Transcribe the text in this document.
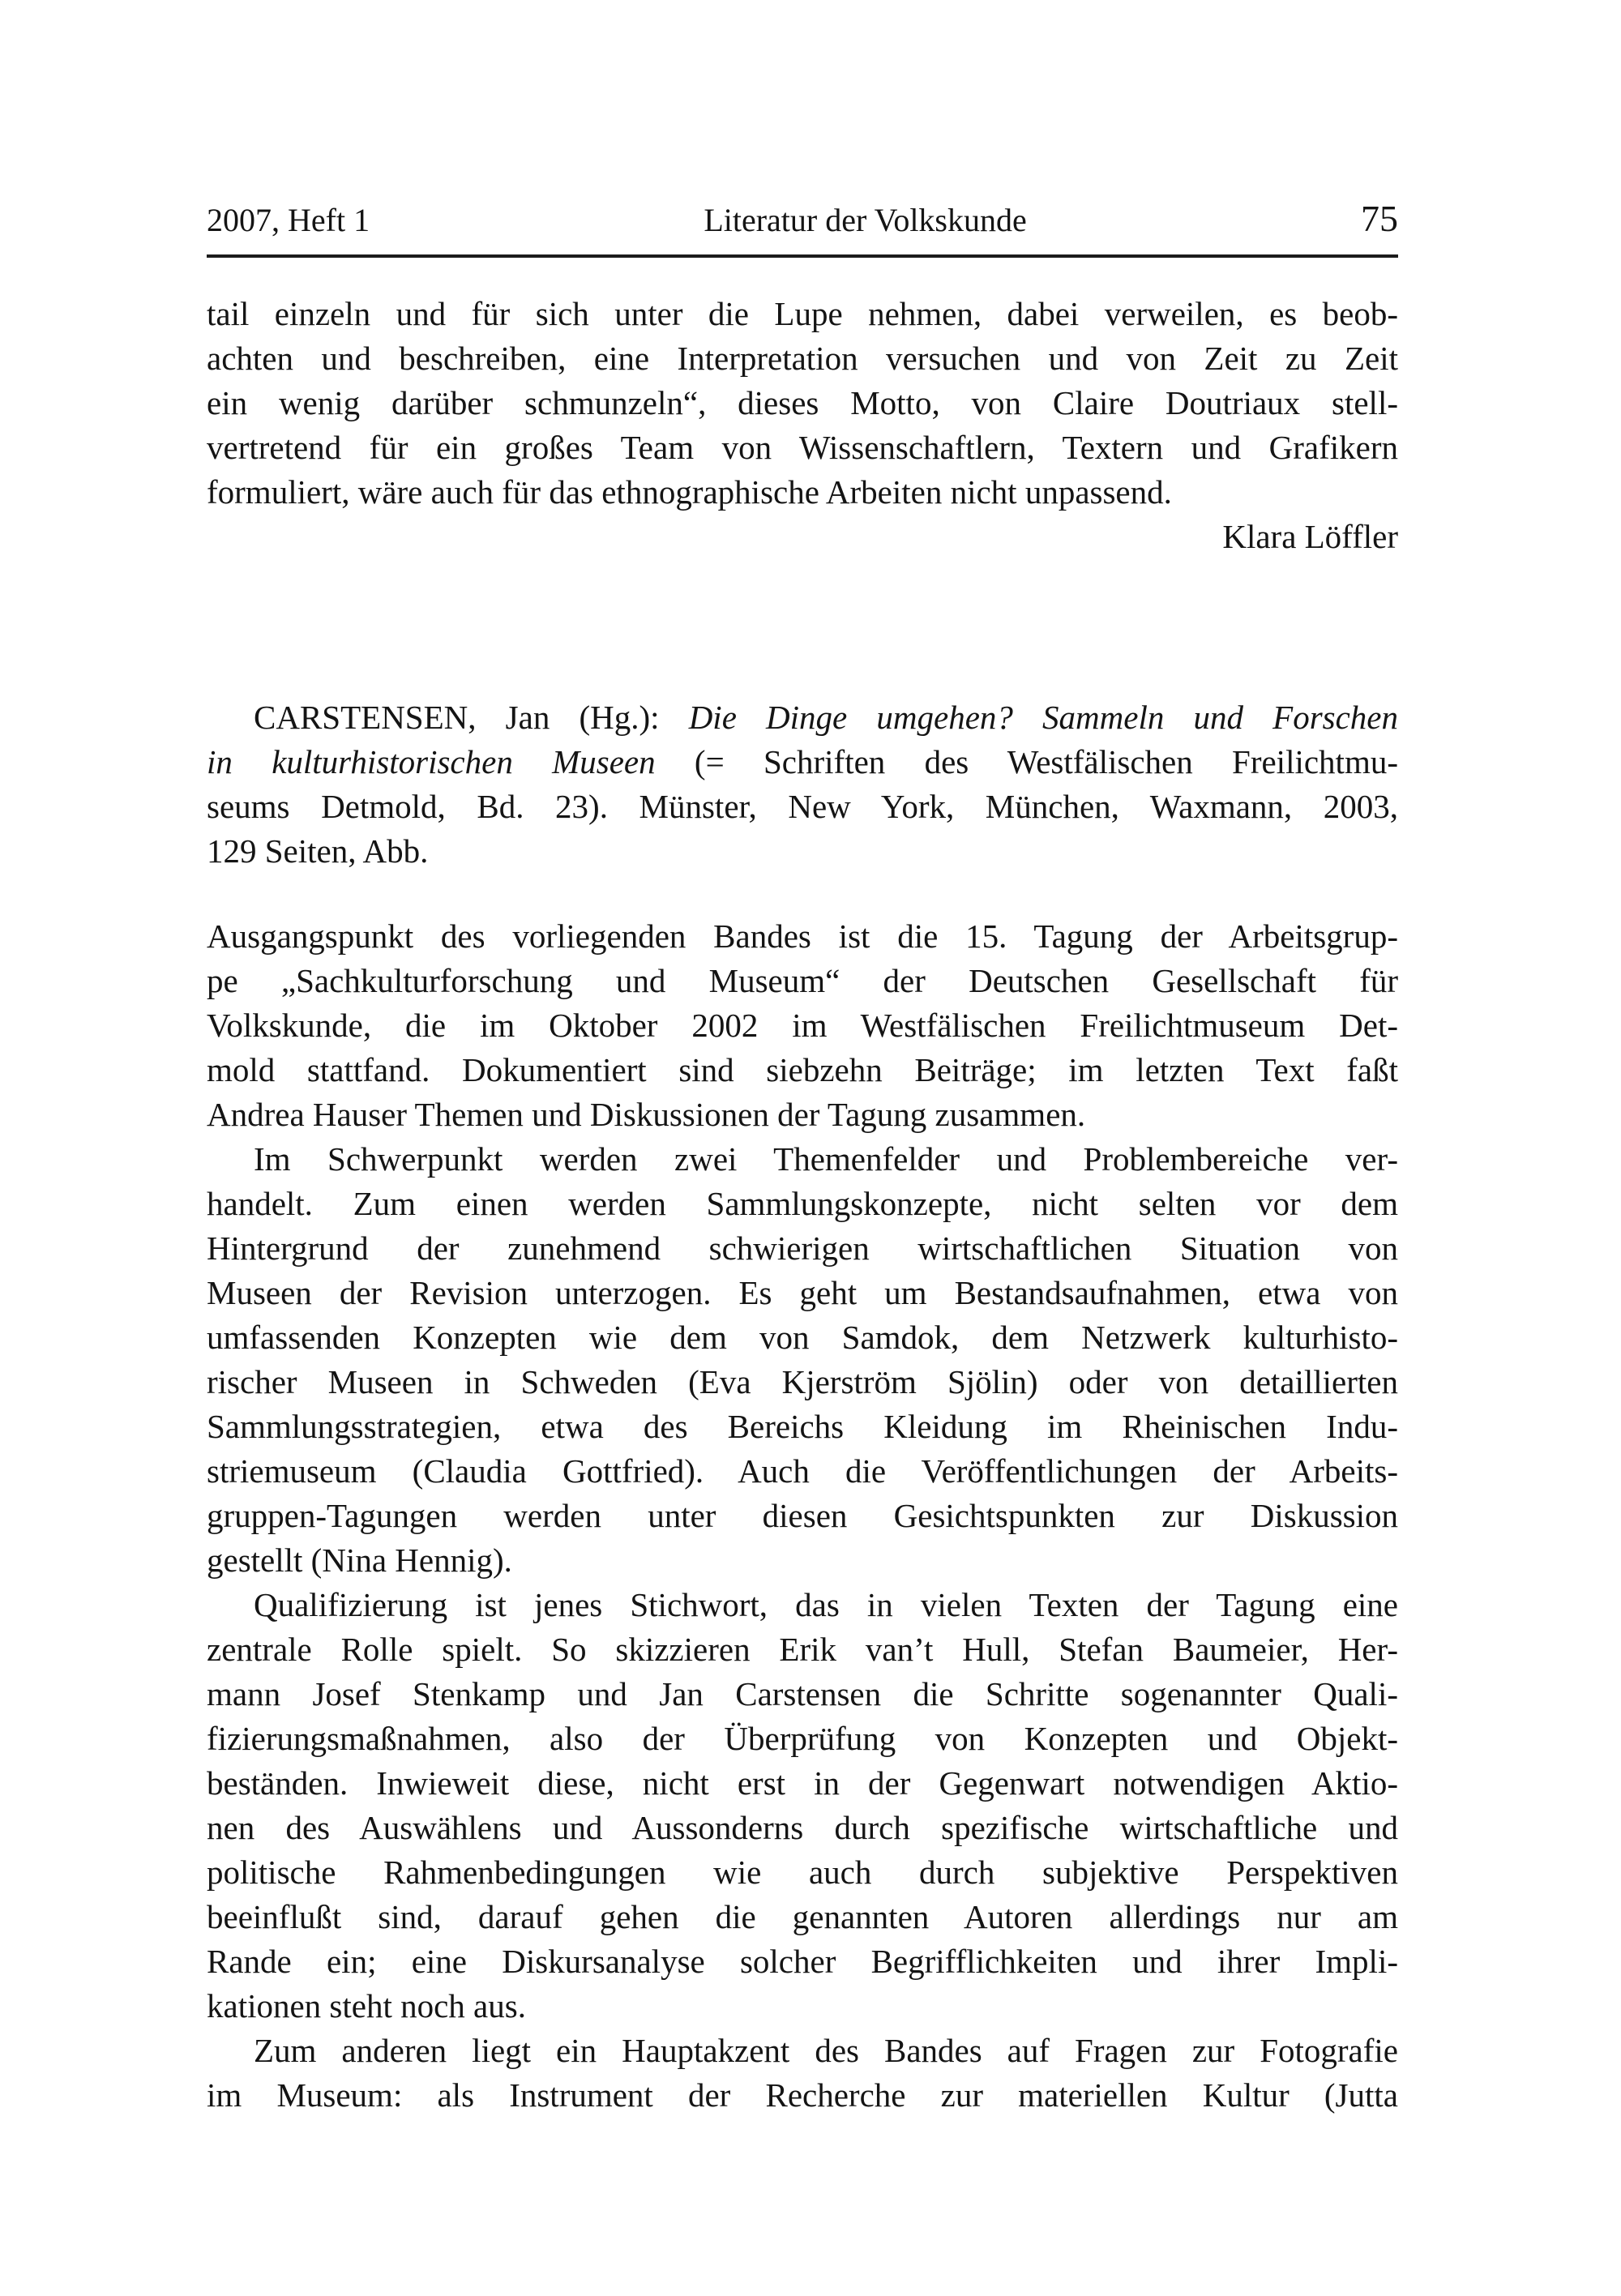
2007, Heft 1	Literatur der Volkskunde	75
tail einzeln und für sich unter die Lupe nehmen, dabei verweilen, es beob-
achten und beschreiben, eine Interpretation versuchen und von Zeit zu Zeit
ein wenig darüber schmunzeln“, dieses Motto, von Claire Doutriaux stell-
vertretend für ein großes Team von Wissenschaftlern, Textern und Grafikern
formuliert, wäre auch für das ethnographische Arbeiten nicht unpassend.
Klara Löffler
CARSTENSEN, Jan (Hg.): Die Dinge umgehen? Sammeln und Forschen
in kulturhistorischen Museen (= Schriften des Westfälischen Freilichtmu-
seums Detmold, Bd. 23). Münster, New York, München, Waxmann, 2003,
129 Seiten, Abb.
Ausgangspunkt des vorliegenden Bandes ist die 15. Tagung der Arbeitsgrup-
pe „Sachkulturforschung und Museum“ der Deutschen Gesellschaft für
Volkskunde, die im Oktober 2002 im Westfälischen Freilichtmuseum Det-
mold stattfand. Dokumentiert sind siebzehn Beiträge; im letzten Text faßt
Andrea Hauser Themen und Diskussionen der Tagung zusammen.
Im Schwerpunkt werden zwei Themenfelder und Problembereiche ver-
handelt. Zum einen werden Sammlungskonzepte, nicht selten vor dem
Hintergrund der zunehmend schwierigen wirtschaftlichen Situation von
Museen der Revision unterzogen. Es geht um Bestandsaufnahmen, etwa von
umfassenden Konzepten wie dem von Samdok, dem Netzwerk kulturhisto-
rischer Museen in Schweden (Eva Kjerström Sjölin) oder von detaillierten
Sammlungsstrategien, etwa des Bereichs Kleidung im Rheinischen Indu-
striemuseum (Claudia Gottfried). Auch die Veröffentlichungen der Arbeits-
gruppen-Tagungen werden unter diesen Gesichtspunkten zur Diskussion
gestellt (Nina Hennig).
Qualifizierung ist jenes Stichwort, das in vielen Texten der Tagung eine
zentrale Rolle spielt. So skizzieren Erik van’t Hull, Stefan Baumeier, Her-
mann Josef Stenkamp und Jan Carstensen die Schritte sogenannter Quali-
fizierungsmaßnahmen, also der Überprüfung von Konzepten und Objekt-
beständen. Inwieweit diese, nicht erst in der Gegenwart notwendigen Aktio-
nen des Auswählens und Aussonderns durch spezifische wirtschaftliche und
politische Rahmenbedingungen wie auch durch subjektive Perspektiven
beeinflußt sind, darauf gehen die genannten Autoren allerdings nur am
Rande ein; eine Diskursanalyse solcher Begrifflichkeiten und ihrer Impli-
kationen steht noch aus.
Zum anderen liegt ein Hauptakzent des Bandes auf Fragen zur Fotografie
im Museum: als Instrument der Recherche zur materiellen Kultur (Jutta
